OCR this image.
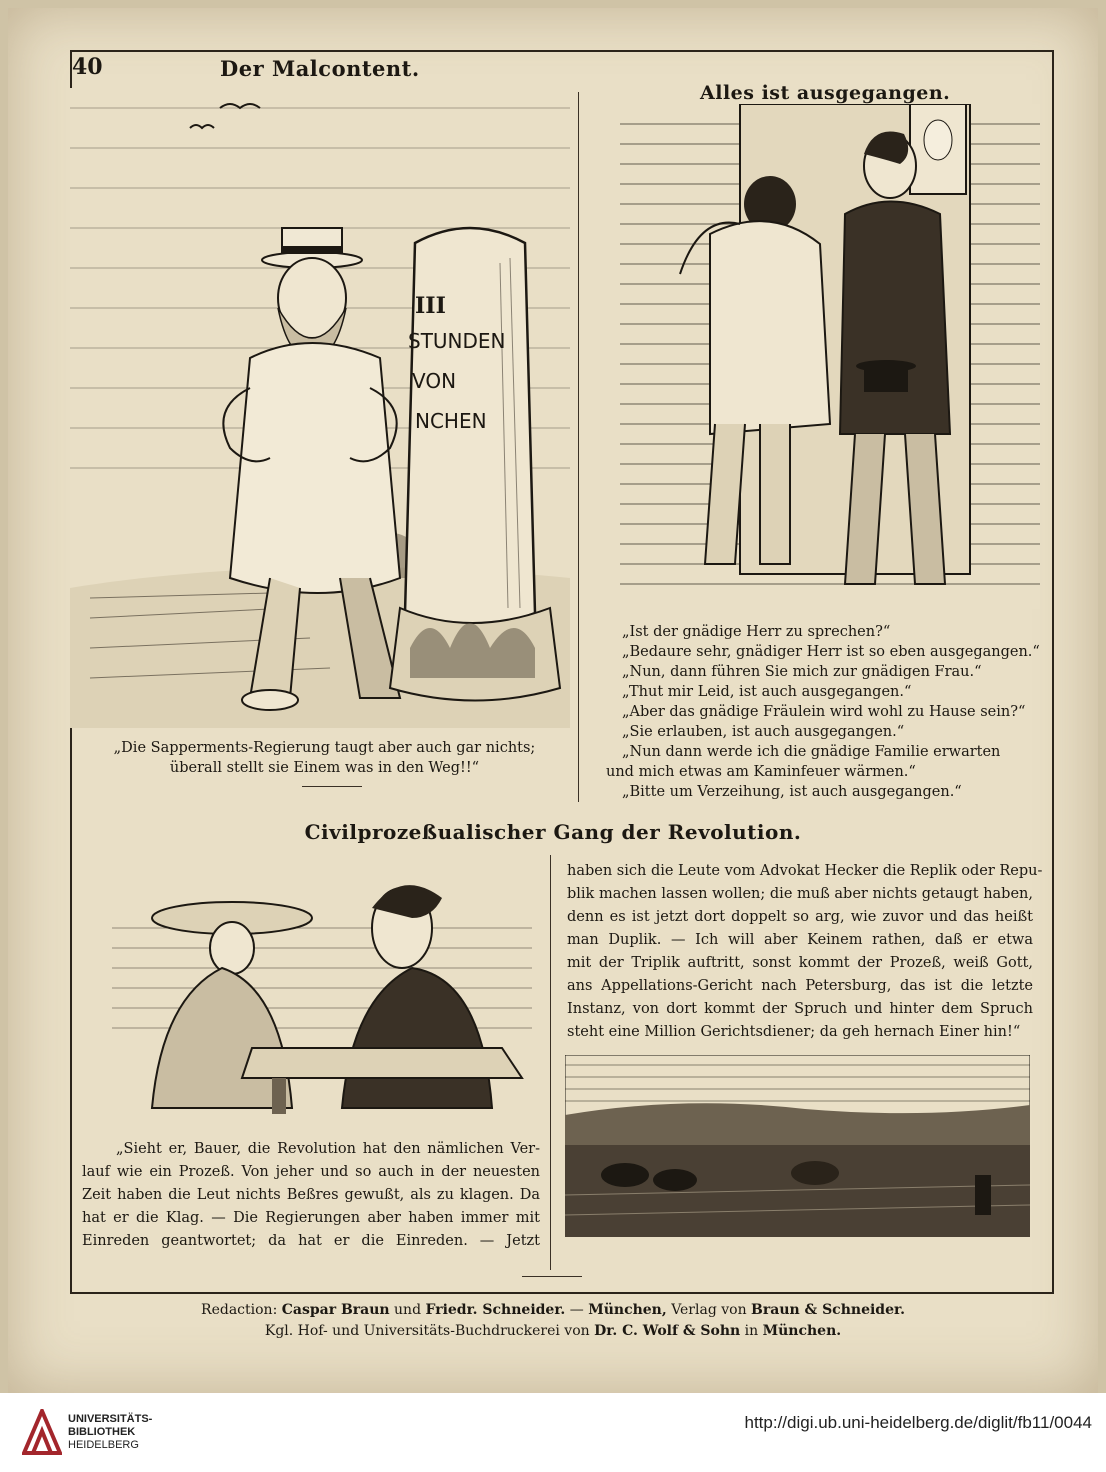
40	Der Malcontent.
Alles ist ausgegangen.
III
STUNDEN
VON
NCHEN
„Die Sapperments-Regierung taugt aber auch gar nichts;
überall stellt sie Einem was in den Weg!!“
„Ist der gnädige Herr zu sprechen?“
„Bedaure sehr, gnädiger Herr ist so eben ausgegangen.“
„Nun, dann führen Sie mich zur gnädigen Frau.“
„Thut mir Leid, ist auch ausgegangen.“
„Aber das gnädige Fräulein wird wohl zu Hause sein?“
„Sie erlauben, ist auch ausgegangen.“
„Nun dann werde ich die gnädige Familie erwarten
und mich etwas am Kaminfeuer wärmen.“
„Bitte um Verzeihung, ist auch ausgegangen.“
Civilprozeßualischer Gang der Revolution.
„Sieht er, Bauer, die Revolution hat den nämlichen Ver-
lauf wie ein Prozeß. Von jeher und so auch in der neuesten
Zeit haben die Leut nichts Beßres gewußt, als zu klagen. Da
hat er die Klag. — Die Regierungen aber haben immer mit
Einreden geantwortet; da hat er die Einreden. — Jetzt
haben sich die Leute vom Advokat Hecker die Replik oder Repu-
blik machen lassen wollen; die muß aber nichts getaugt haben,
denn es ist jetzt dort doppelt so arg, wie zuvor und das heißt
man Duplik. — Ich will aber Keinem rathen, daß er etwa
mit der Triplik auftritt, sonst kommt der Prozeß, weiß Gott,
ans Appellations-Gericht nach Petersburg, das ist die letzte
Instanz, von dort kommt der Spruch und hinter dem Spruch
steht eine Million Gerichtsdiener; da geh hernach Einer hin!“
Redaction: Caspar Braun und Friedr. Schneider. — München, Verlag von Braun & Schneider.
Kgl. Hof- und Universitäts-Buchdruckerei von Dr. C. Wolf & Sohn in München.
UNIVERSITÄTS-
BIBLIOTHEK
HEIDELBERG
http://digi.ub.uni-heidelberg.de/diglit/fb11/0044
